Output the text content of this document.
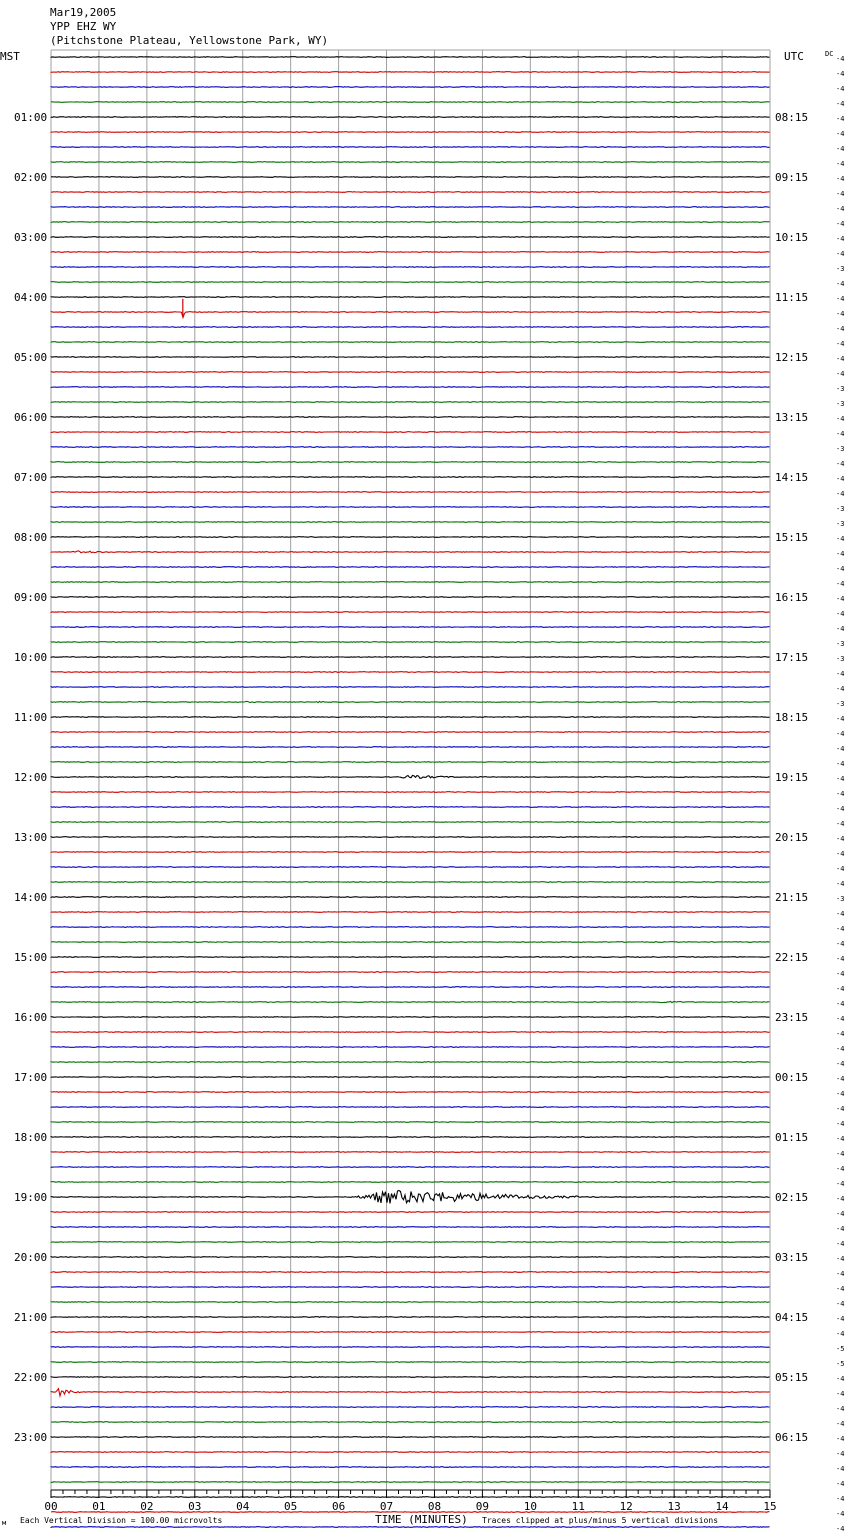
Mar19,2005
YPP EHZ WY
(Pitchstone Plateau, Yellowstone Park, WY)
MST	UTC	DC
01:00	08:15
02:00	09:15
03:00	10:15
04:00	11:15
05:00	12:15
06:00	13:15
07:00	14:15
08:00	15:15
09:00	16:15
10:00	17:15
11:00	18:15
12:00	19:15
13:00	20:15
14:00	21:15
15:00	22:15
16:00	23:15
17:00	00:15
18:00	01:15
19:00	02:15
20:00	03:15
21:00	04:15
22:00	05:15
23:00	06:15
-4
-4
-4
-4
-4
-4
-4
-4
-4
-4
-4
-4
-4
-4
-3
-4
-4
-4
-4
-4
-4
-4
-3
-3
-4
-4
-3
-4
-4
-4
-3
-3
-4
-4
-4
-4
-4
-4
-4
-3
-3
-4
-4
-3
-4
-4
-4
-4
-4
-4
-4
-4
-4
-4
-4
-4
-3
-4
-4
-4
-4
-4
-4
-4
-4
-4
-4
-4
-4
-4
-4
-4
-4
-4
-4
-4
-4
-4
-4
-4
-4
-4
-4
-4
-4
-4
-5
-5
-4
-4
-4
-4
-4
-4
-4
-4
-4
-4
-4
00	01	02	03	04	05	06	07	08	09	10	11	12	13	14	15
м Each Vertical Division = 100.00 microvolts	TIME (MINUTES) Traces clipped at plus/minus 5 vertical divisions
